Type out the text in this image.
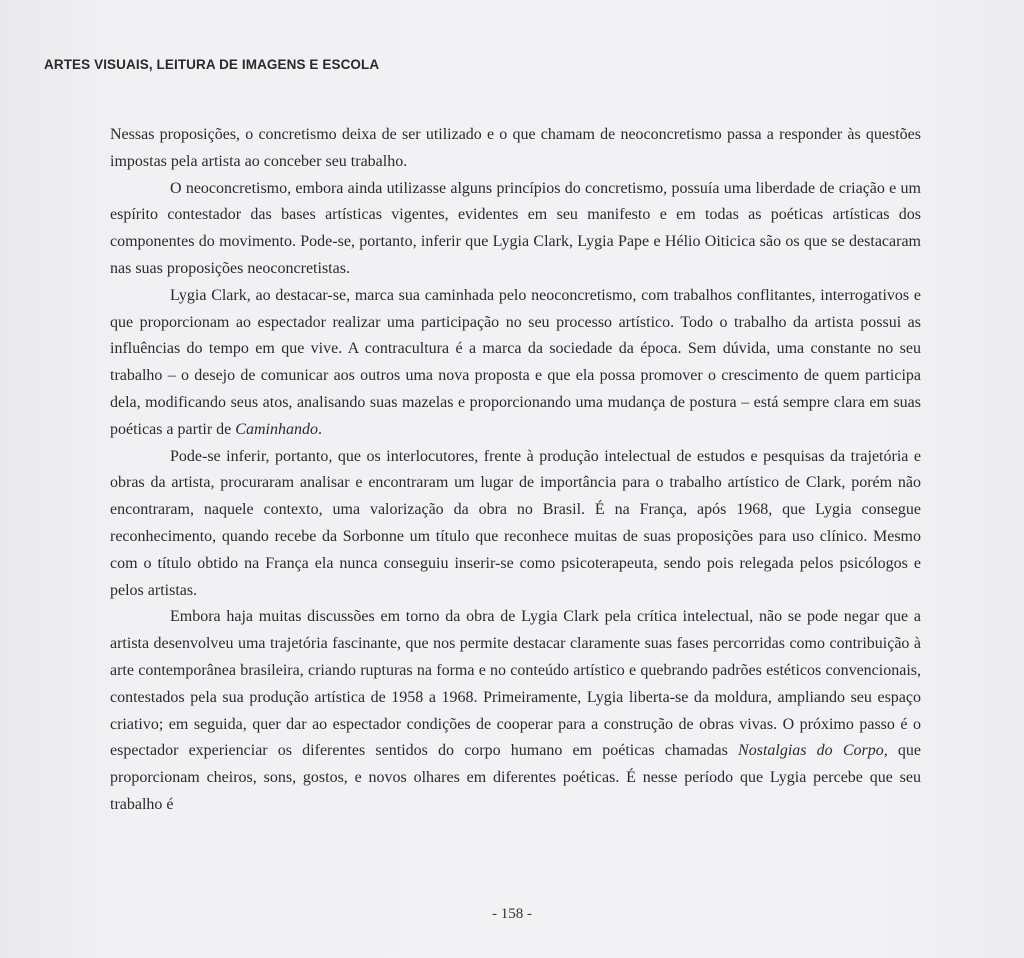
ARTES VISUAIS, LEITURA DE IMAGENS E ESCOLA

Nessas proposições, o concretismo deixa de ser utilizado e o que chamam de neoconcretismo passa a responder às questões impostas pela artista ao conceber seu trabalho.

O neoconcretismo, embora ainda utilizasse alguns princípios do concretismo, possuía uma liberdade de criação e um espírito contestador das bases artísticas vigentes, evidentes em seu manifesto e em todas as poéticas artísticas dos componentes do movimento. Pode-se, portanto, inferir que Lygia Clark, Lygia Pape e Hélio Oiticica são os que se destacaram nas suas proposições neoconcretistas.

Lygia Clark, ao destacar-se, marca sua caminhada pelo neoconcretismo, com trabalhos conflitantes, interrogativos e que proporcionam ao espectador realizar uma participação no seu processo artístico. Todo o trabalho da artista possui as influências do tempo em que vive. A contracultura é a marca da sociedade da época. Sem dúvida, uma constante no seu trabalho – o desejo de comunicar aos outros uma nova proposta e que ela possa promover o crescimento de quem participa dela, modificando seus atos, analisando suas mazelas e proporcionando uma mudança de postura – está sempre clara em suas poéticas a partir de Caminhando.

Pode-se inferir, portanto, que os interlocutores, frente à produção intelectual de estudos e pesquisas da trajetória e obras da artista, procuraram analisar e encontraram um lugar de importância para o trabalho artístico de Clark, porém não encontraram, naquele contexto, uma valorização da obra no Brasil. É na França, após 1968, que Lygia consegue reconhecimento, quando recebe da Sorbonne um título que reconhece muitas de suas proposições para uso clínico. Mesmo com o título obtido na França ela nunca conseguiu inserir-se como psicoterapeuta, sendo pois relegada pelos psicólogos e pelos artistas.

Embora haja muitas discussões em torno da obra de Lygia Clark pela crítica intelectual, não se pode negar que a artista desenvolveu uma trajetória fascinante, que nos permite destacar claramente suas fases percorridas como contribuição à arte contemporânea brasileira, criando rupturas na forma e no conteúdo artístico e quebrando padrões estéticos convencionais, contestados pela sua produção artística de 1958 a 1968. Primeiramente, Lygia liberta-se da moldura, ampliando seu espaço criativo; em seguida, quer dar ao espectador condições de cooperar para a construção de obras vivas. O próximo passo é o espectador experienciar os diferentes sentidos do corpo humano em poéticas chamadas Nostalgias do Corpo, que proporcionam cheiros, sons, gostos, e novos olhares em diferentes poéticas. É nesse período que Lygia percebe que seu trabalho é

- 158 -
